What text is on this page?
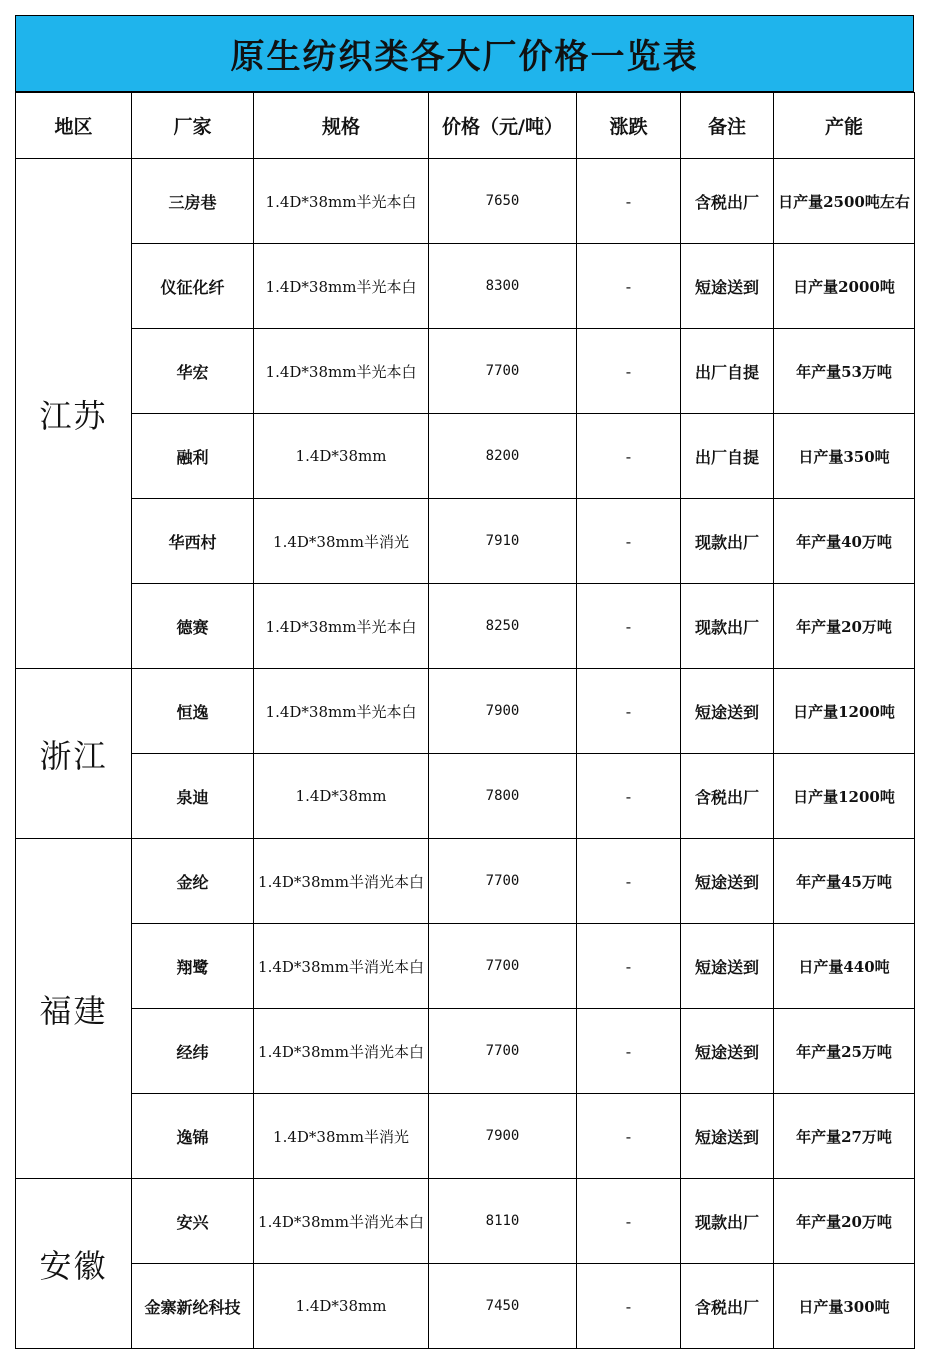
原生纺织类各大厂价格一览表
地区	厂家	规格	价格（元/吨）	涨跌	备注	产能
江苏	三房巷	1.4D*38mm半光本白	7650	-	含税出厂	日产量2500吨左右
	仪征化纤	1.4D*38mm半光本白	8300	-	短途送到	日产量2000吨
	华宏	1.4D*38mm半光本白	7700	-	出厂自提	年产量53万吨
	融利	1.4D*38mm	8200	-	出厂自提	日产量350吨
	华西村	1.4D*38mm半消光	7910	-	现款出厂	年产量40万吨
	德赛	1.4D*38mm半光本白	8250	-	现款出厂	年产量20万吨
浙江	恒逸	1.4D*38mm半光本白	7900	-	短途送到	日产量1200吨
	泉迪	1.4D*38mm	7800	-	含税出厂	日产量1200吨
福建	金纶	1.4D*38mm半消光本白	7700	-	短途送到	年产量45万吨
	翔鹭	1.4D*38mm半消光本白	7700	-	短途送到	日产量440吨
	经纬	1.4D*38mm半消光本白	7700	-	短途送到	年产量25万吨
	逸锦	1.4D*38mm半消光	7900	-	短途送到	年产量27万吨
安徽	安兴	1.4D*38mm半消光本白	8110	-	现款出厂	年产量20万吨
	金寨新纶科技	1.4D*38mm	7450	-	含税出厂	日产量300吨
